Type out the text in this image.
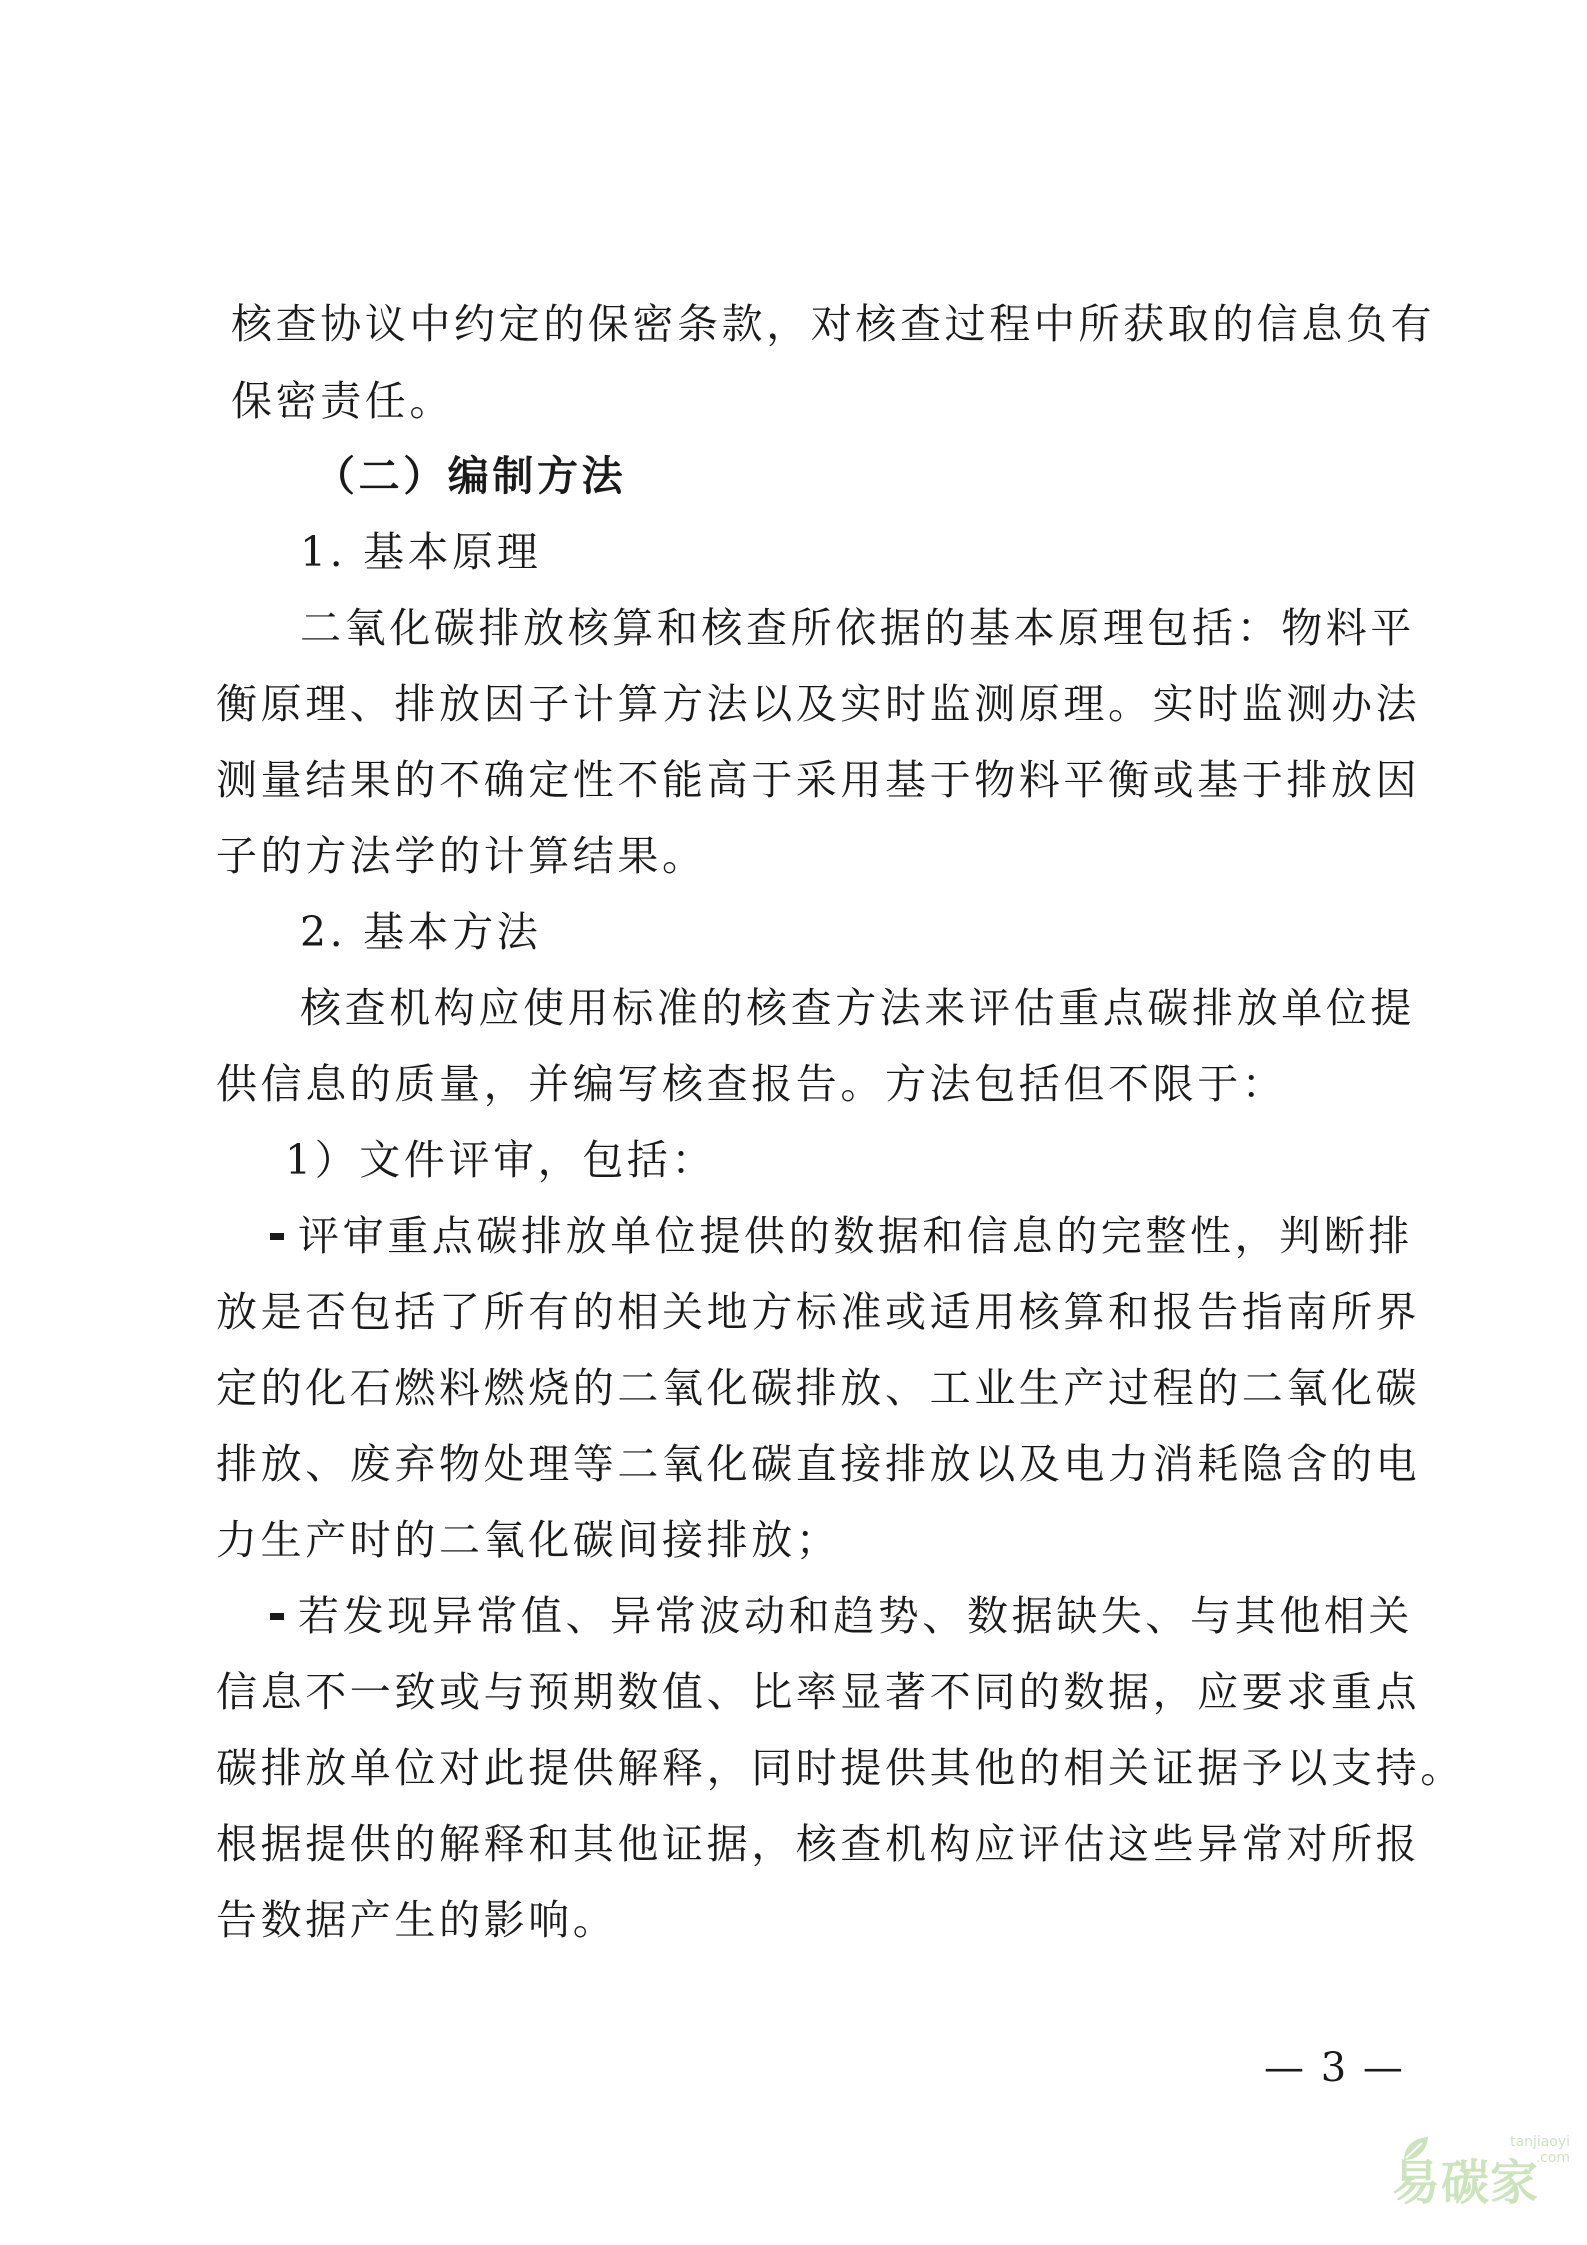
核查协议中约定的保密条款，对核查过程中所获取的信息负有
保密责任。
（二）编制方法
1. 基本原理
二氧化碳排放核算和核查所依据的基本原理包括：物料平
衡原理、排放因子计算方法以及实时监测原理。实时监测办法
测量结果的不确定性不能高于采用基于物料平衡或基于排放因
子的方法学的计算结果。
2. 基本方法
核查机构应使用标准的核查方法来评估重点碳排放单位提
供信息的质量，并编写核查报告。方法包括但不限于：
1）文件评审，包括：
评审重点碳排放单位提供的数据和信息的完整性，判断排
放是否包括了所有的相关地方标准或适用核算和报告指南所界
定的化石燃料燃烧的二氧化碳排放、工业生产过程的二氧化碳
排放、废弃物处理等二氧化碳直接排放以及电力消耗隐含的电
力生产时的二氧化碳间接排放；
若发现异常值、异常波动和趋势、数据缺失、与其他相关
信息不一致或与预期数值、比率显著不同的数据，应要求重点
碳排放单位对此提供解释，同时提供其他的相关证据予以支持。
根据提供的解释和其他证据，核查机构应评估这些异常对所报
告数据产生的影响。
— 3 —
易碳家
tanjiaoyi
.com
